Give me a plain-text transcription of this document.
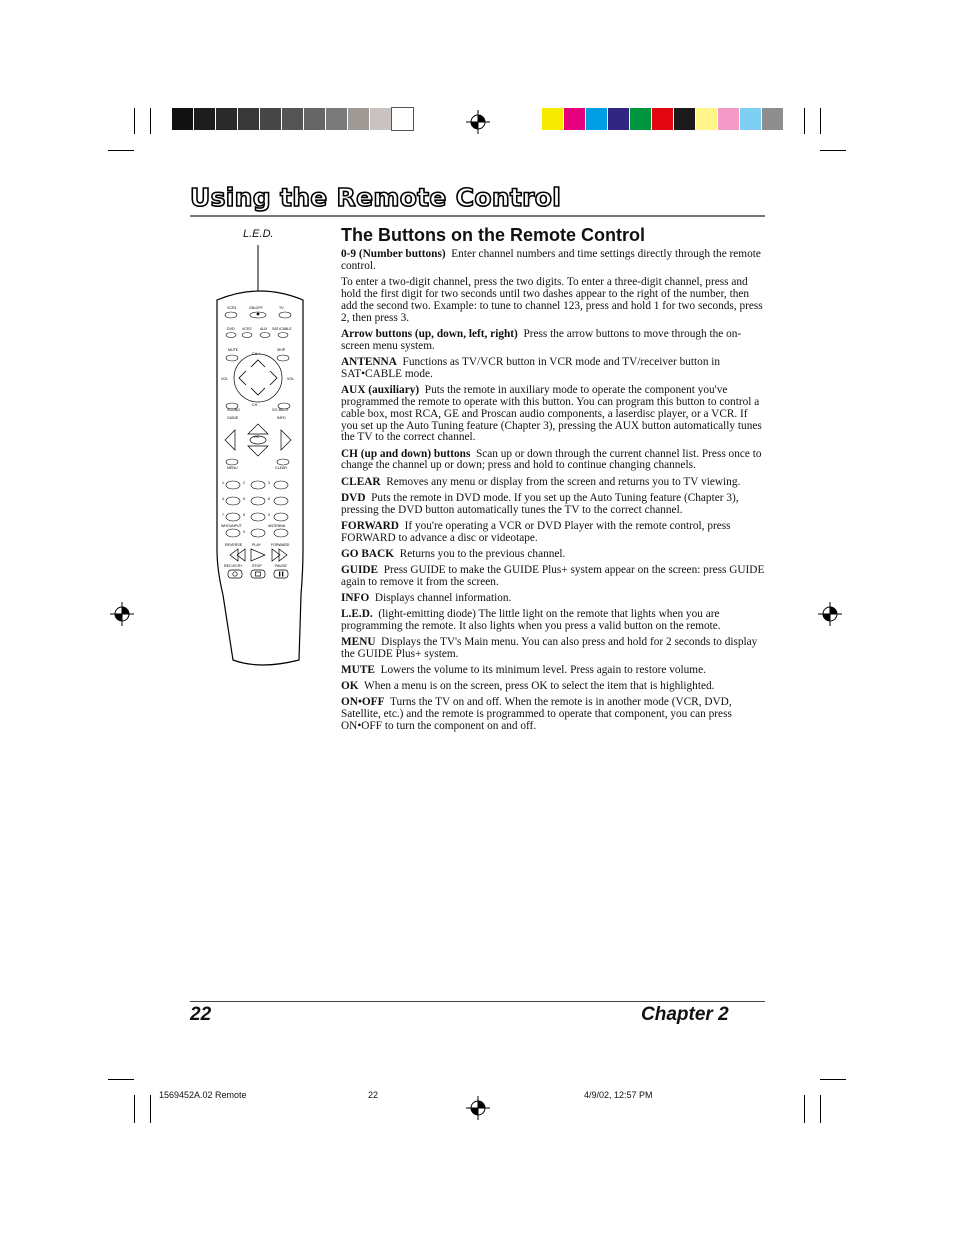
Using the Remote Control
L.E.D.
VCR1	ON•OFF	TV
DVD VCR2 AUX SAT•CABLE
MUTE	SKIP
CH +
VOL	VOL
CH -
SOUND	GO BACK
GUIDE	INFO
OK
MENU	CLEAR
1	2	3
4	5	6
7	8	9
WHO•INPUT	ANTENNA
0
REVERSE	PLAY	FORWARD
REC•VCR+	STOP	PAUSE
The Buttons on the Remote Control

0-9 (Number buttons) Enter channel numbers and time settings directly through the remote control.

To enter a two-digit channel, press the two digits. To enter a three-digit channel, press and hold the first digit for two seconds until two dashes appear to the right of the number, then add the second two. Example: to tune to channel 123, press and hold 1 for two seconds, press 2, then press 3.

Arrow buttons (up, down, left, right) Press the arrow buttons to move through the on-screen menu system.

ANTENNA Functions as TV/VCR button in VCR mode and TV/receiver button in SAT•CABLE mode.

AUX (auxiliary) Puts the remote in auxiliary mode to operate the component you've programmed the remote to operate with this button. You can program this button to control a cable box, most RCA, GE and Proscan audio components, a laserdisc player, or a VCR. If you set up the Auto Tuning feature (Chapter 3), pressing the AUX button automatically tunes the TV to the correct channel.

CH (up and down) buttons Scan up or down through the current channel list. Press once to change the channel up or down; press and hold to continue changing channels.

CLEAR Removes any menu or display from the screen and returns you to TV viewing.

DVD Puts the remote in DVD mode. If you set up the Auto Tuning feature (Chapter 3), pressing the DVD button automatically tunes the TV to the correct channel.

FORWARD If you're operating a VCR or DVD Player with the remote control, press FORWARD to advance a disc or videotape.

GO BACK Returns you to the previous channel.

GUIDE Press GUIDE to make the GUIDE Plus+ system appear on the screen: press GUIDE again to remove it from the screen.

INFO Displays channel information.

L.E.D. (light-emitting diode) The little light on the remote that lights when you are programming the remote. It also lights when you press a valid button on the remote.

MENU Displays the TV's Main menu. You can also press and hold for 2 seconds to display the GUIDE Plus+ system.

MUTE Lowers the volume to its minimum level. Press again to restore volume.

OK When a menu is on the screen, press OK to select the item that is highlighted.

ON•OFF Turns the TV on and off. When the remote is in another mode (VCR, DVD, Satellite, etc.) and the remote is programmed to operate that component, you can press ON•OFF to turn the component on and off.

22	Chapter 2
1569452A.02 Remote	22	4/9/02, 12:57 PM
